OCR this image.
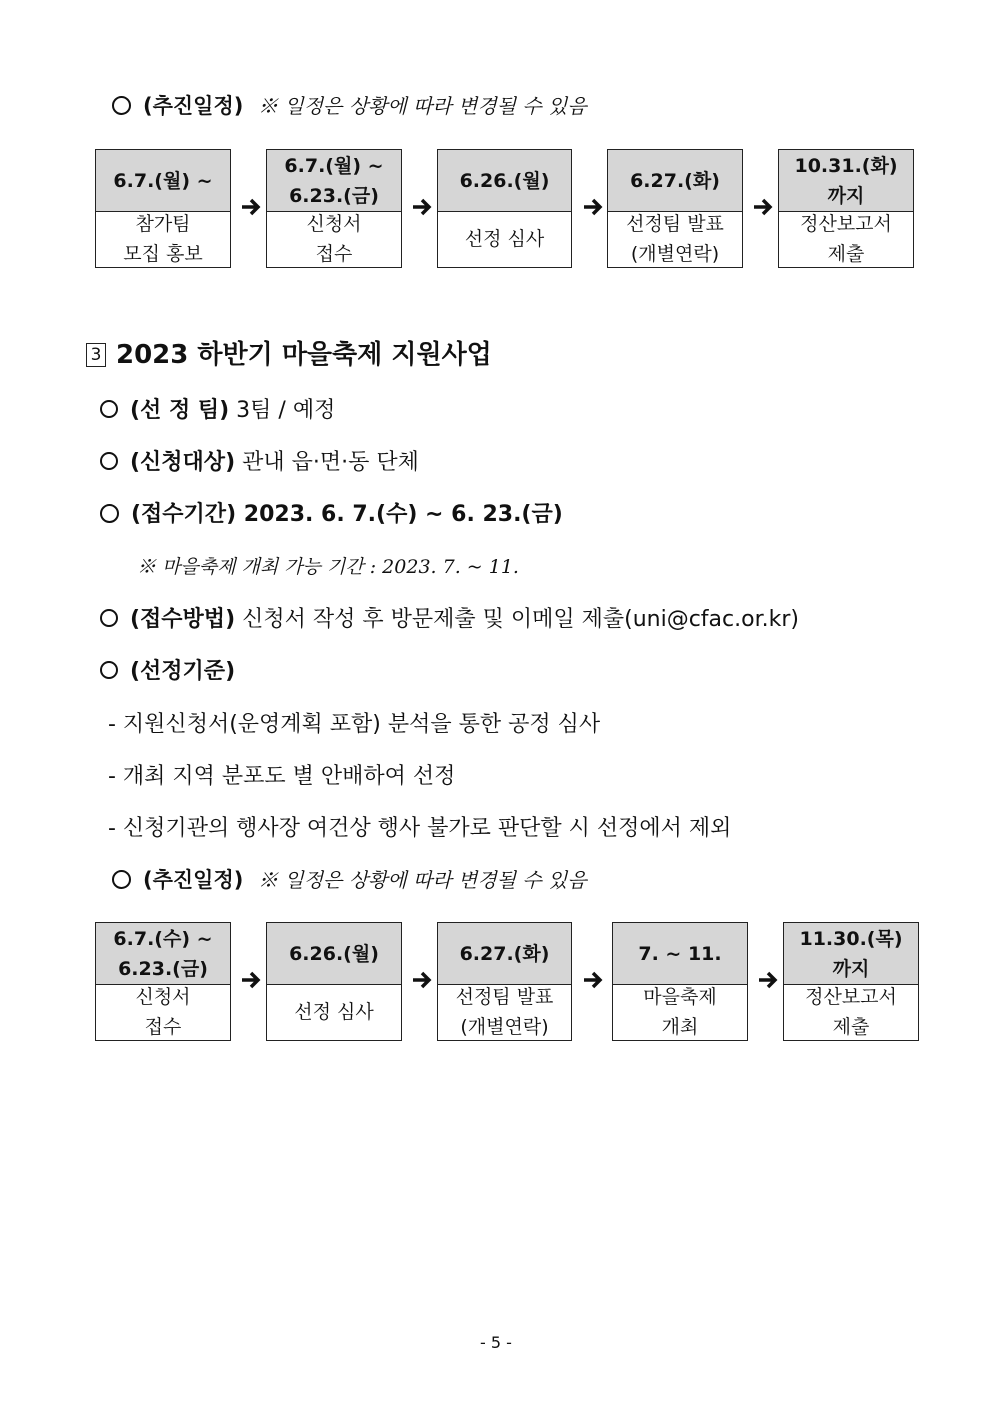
(추진일정) ※ 일정은 상황에 따라 변경될 수 있음
6.7.(월) ~
참가팀
모집 홍보
6.7.(월) ~
6.23.(금)
신청서
접수
6.26.(월)
선정 심사
6.27.(화)
선정팀 발표
(개별연락)
10.31.(화)
까지
정산보고서
제출
3 2023 하반기 마을축제 지원사업
(선 정 팀) 3팀 / 예정
(신청대상) 관내 읍·면·동 단체
(접수기간) 2023. 6. 7.(수) ~ 6. 23.(금)
※ 마을축제 개최 가능 기간 : 2023. 7. ~ 11.
(접수방법) 신청서 작성 후 방문제출 및 이메일 제출(uni@cfac.or.kr)
(선정기준)
- 지원신청서(운영계획 포함) 분석을 통한 공정 심사
- 개최 지역 분포도 별 안배하여 선정
- 신청기관의 행사장 여건상 행사 불가로 판단할 시 선정에서 제외
(추진일정) ※ 일정은 상황에 따라 변경될 수 있음
6.7.(수) ~
6.23.(금)
신청서
접수
6.26.(월)
선정 심사
6.27.(화)
선정팀 발표
(개별연락)
7. ~ 11.
마을축제
개최
11.30.(목)
까지
정산보고서
제출
- 5 -
